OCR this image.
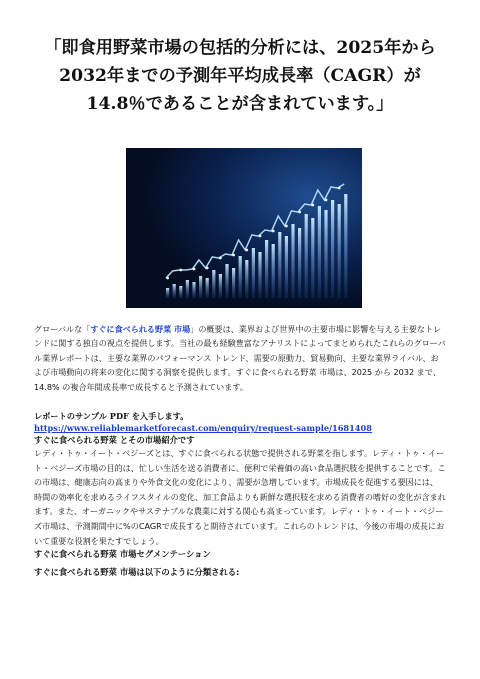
「即食用野菜市場の包括的分析には、2025年から2032年までの予測年平均成長率（CAGR）が14.8％であることが含まれています。」

グローバルな「すぐに食べられる野菜 市場」の概要は、業界および世界中の主要市場に影響を与える主要なトレンドに関する独自の視点を提供します。当社の最も経験豊富なアナリストによってまとめられたこれらのグローバル業界レポートは、主要な業界のパフォーマンス トレンド、需要の原動力、貿易動向、主要な業界ライバル、および市場動向の将来の変化に関する洞察を提供します。すぐに食べられる野菜 市場は、2025 から 2032 まで、14.8% の複合年間成長率で成長すると予測されています。

レポートのサンプル PDF を入手します。

https://www.reliablemarketforecast.com/enquiry/request-sample/1681408

すぐに食べられる野菜 とその市場紹介です

レディ・トゥ・イート・ベジーズとは、すぐに食べられる状態で提供される野菜を指します。レディ・トゥ・イート・ベジーズ市場の目的は、忙しい生活を送る消費者に、便利で栄養価の高い食品選択肢を提供することです。この市場は、健康志向の高まりや外食文化の変化により、需要が急増しています。市場成長を促進する要因には、時間の効率化を求めるライフスタイルの変化、加工食品よりも新鮮な選択肢を求める消費者の嗜好の変化が含まれます。また、オーガニックやサステナブルな農業に対する関心も高まっています。レディ・トゥ・イート・ベジーズ市場は、予測期間中に%のCAGRで成長すると期待されています。これらのトレンドは、今後の市場の成長において重要な役割を果たすでしょう。

すぐに食べられる野菜 市場セグメンテーション

すぐに食べられる野菜 市場は以下のように分類される:
